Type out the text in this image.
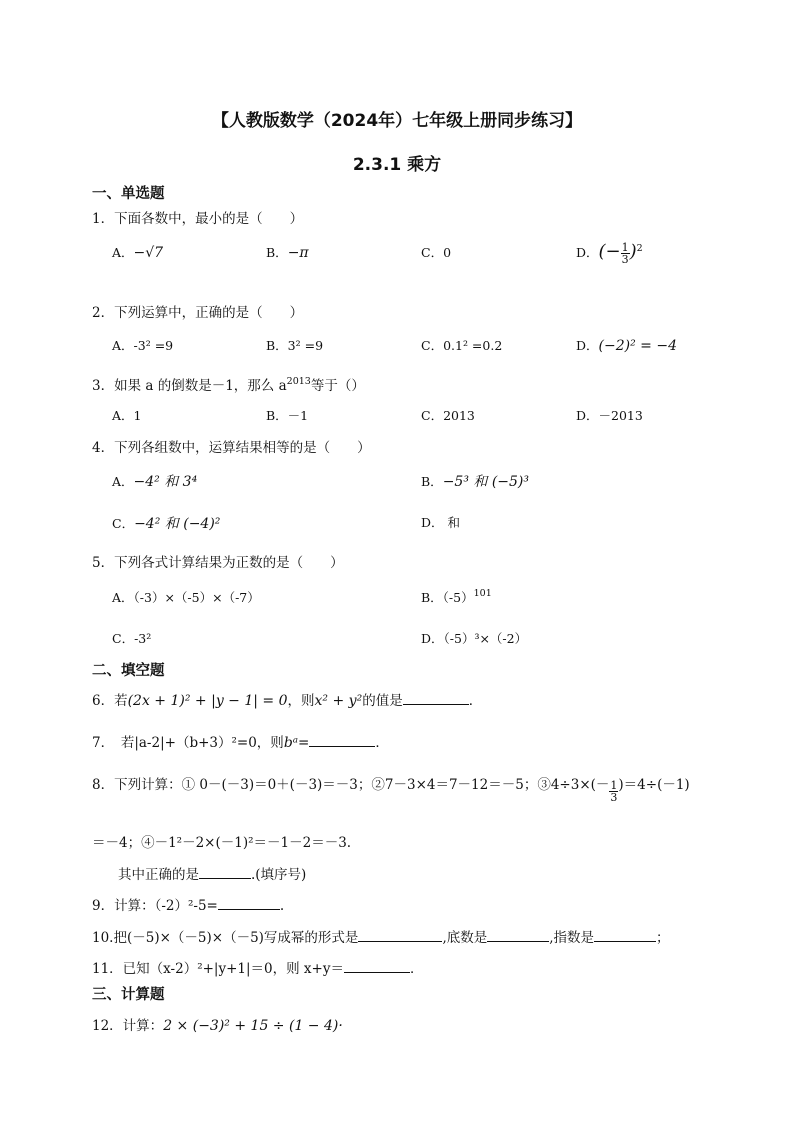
【人教版数学（2024年）七年级上册同步练习】
2.3.1 乘方
一、单选题
1．下面各数中，最小的是（　　）
A．−√7	B．−π	C．0	D．(− $\frac{1}{3} )^2$
2．下列运算中，正确的是（　　）
A．-3² =9	B．3² =9	C．0.1² =0.2	D．(−2)² = −4
3．如果 a 的倒数是－1，那么 $a^{2013}$等于（）
A．1	B．－1	C．2013	D．－2013
4．下列各组数中，运算结果相等的是（　　）
A．−4² 和 3⁴	B．−5³ 和 (−5)³
C．−4² 和 (−4)²	D． 和
5．下列各式计算结果为正数的是（　　）
A．（-3）×（-5）×（-7）	B．$(-5)^{101}$
C．-3²	D．（-5）³×（-2）
二、填空题
6．若(2x + 1)² + |y − 1| = 0，则x² + y²的值是	．
7．　若|a-2|+（b+3）²=0，则bᵃ=	．
8．下列计算：① 0－(－3)＝0＋(－3)＝－3；②7－3×4＝7－12＝－5；③4÷3×(－ $\frac{1}{3} )=4\div(-1)$
＝－4；④－1²－2×(－1)²＝－1－2＝－3.
其中正确的是	.(填序号)
9．计算：（-2）²-5=	.
10.把(－5)×（－5)×（－5)写成幂的形式是	,底数是	,指数是	；
11．已知（x-2）²+|y+1|＝0，则 x+y＝	．
三、计算题
12．计算：2 × (−3)² + 15 ÷ (1 − 4)·
